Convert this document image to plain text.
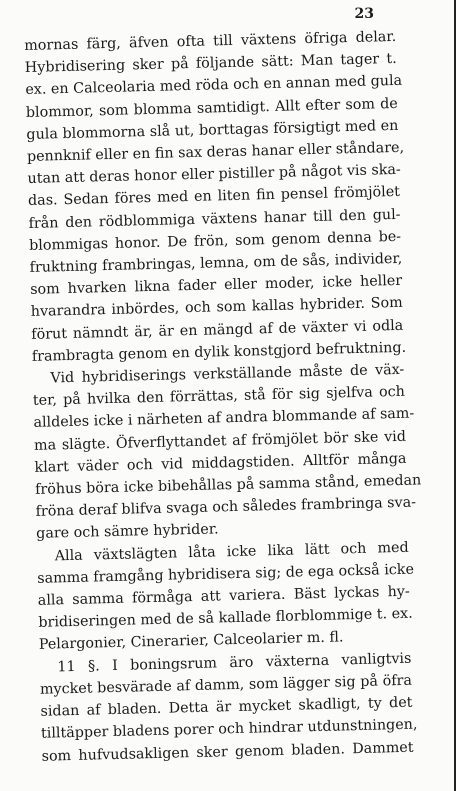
23
mornas färg, äfven ofta till växtens öfriga delar.
Hybridisering sker på följande sätt: Man tager t.
ex. en Calceolaria med röda och en annan med gula
blommor, som blomma samtidigt. Allt efter som de
gula blommorna slå ut, borttagas försigtigt med en
pennknif eller en fin sax deras hanar eller ståndare,
utan att deras honor eller pistiller på något vis ska-
das. Sedan föres med en liten fin pensel frömjölet
från den rödblommiga växtens hanar till den gul-
blommigas honor. De frön, som genom denna be-
fruktning frambringas, lemna, om de sås, individer,
som hvarken likna fader eller moder, icke heller
hvarandra inbördes, och som kallas hybrider. Som
förut nämndt är, är en mängd af de växter vi odla
frambragta genom en dylik konstgjord befruktning.
Vid hybridiserings verkställande måste de väx-
ter, på hvilka den förrättas, stå för sig sjelfva och
alldeles icke i närheten af andra blommande af sam-
ma slägte. Öfverflyttandet af frömjölet bör ske vid
klart väder och vid middagstiden. Alltför många
fröhus böra icke bibehållas på samma stånd, emedan
fröna deraf blifva svaga och således frambringa sva-
gare och sämre hybrider.
Alla växtslägten låta icke lika lätt och med
samma framgång hybridisera sig; de ega också icke
alla samma förmåga att variera. Bäst lyckas hy-
bridiseringen med de så kallade florblommige t. ex.
Pelargonier, Cinerarier, Calceolarier m. fl.
11 §. I boningsrum äro växterna vanligtvis
mycket besvärade af damm, som lägger sig på öfra
sidan af bladen. Detta är mycket skadligt, ty det
tilltäpper bladens porer och hindrar utdunstningen,
som hufvudsakligen sker genom bladen. Dammet
